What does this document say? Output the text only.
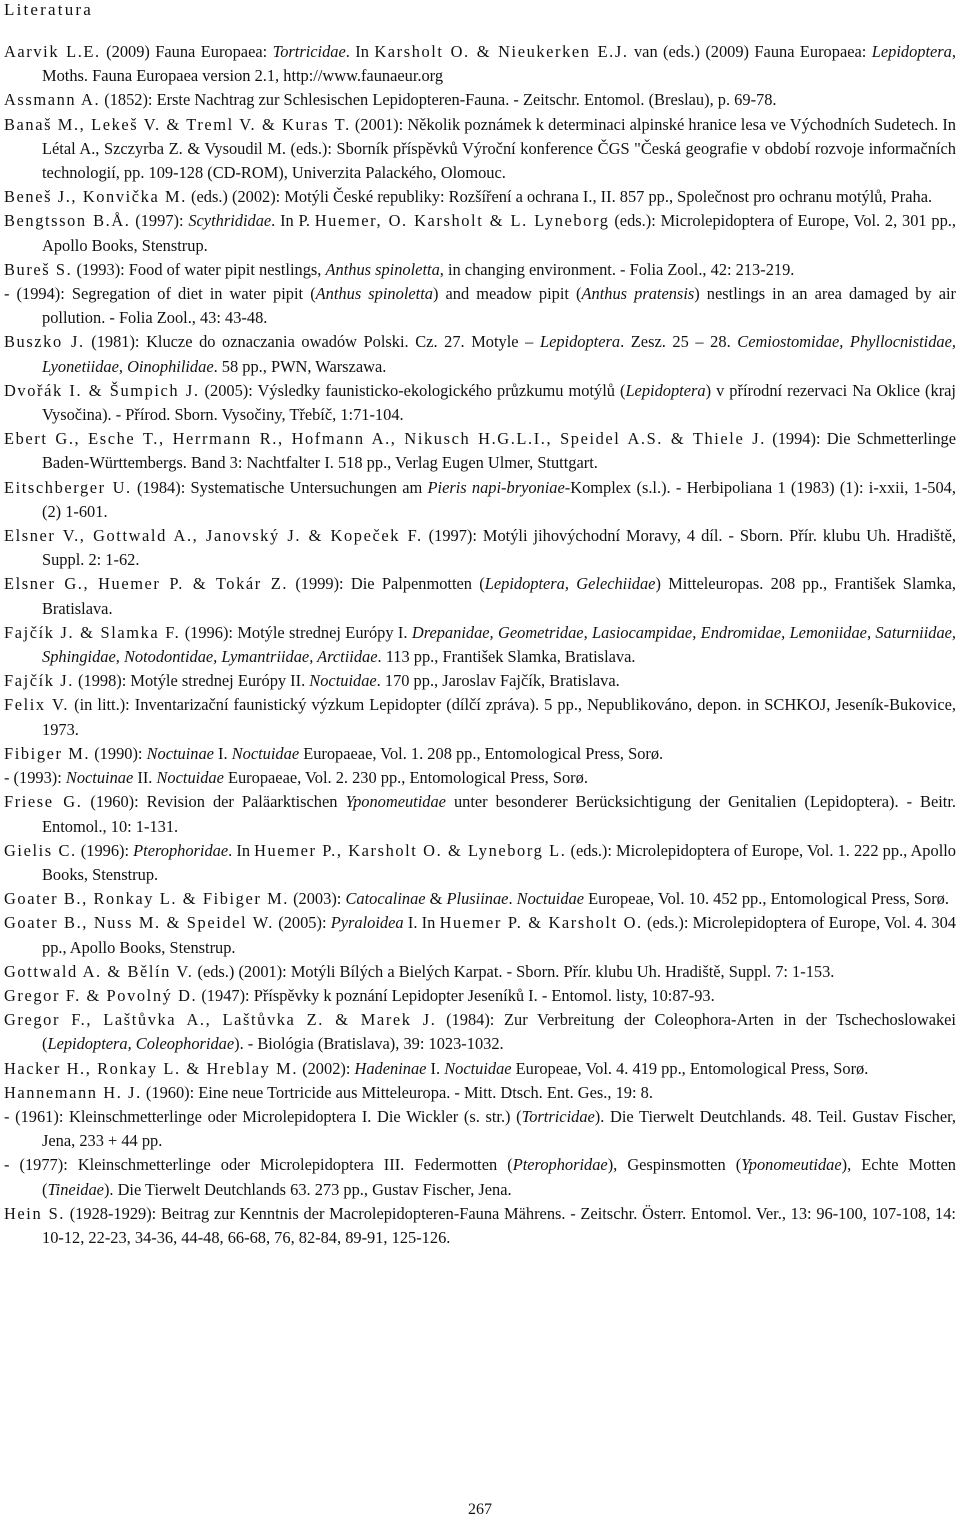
Literatura

Aarvik L.E. (2009) Fauna Europaea: Tortricidae. In Karsholt O. & Nieukerken E.J. van (eds.) (2009) Fauna Europaea: Lepidoptera, Moths. Fauna Europaea version 2.1, http://www.faunaeur.org

Assmann A. (1852): Erste Nachtrag zur Schlesischen Lepidopteren-Fauna. - Zeitschr. Entomol. (Breslau), p. 69-78.

Banaš M., Lekeš V. & Treml V. & Kuras T. (2001): Několik poznámek k determinaci alpinské hranice lesa ve Východních Sudetech. In Létal A., Szczyrba Z. & Vysoudil M. (eds.): Sborník příspěvků Výroční konference ČGS "Česká geografie v období rozvoje informačních technologií, pp. 109-128 (CD-ROM), Univerzita Palackého, Olomouc.

Beneš J., Konvička M. (eds.) (2002): Motýli České republiky: Rozšíření a ochrana I., II. 857 pp., Společnost pro ochranu motýlů, Praha.

Bengtsson B.Å. (1997): Scythrididae. In P. Huemer, O. Karsholt & L. Lyneborg (eds.): Microlepidoptera of Europe, Vol. 2, 301 pp., Apollo Books, Stenstrup.

Bureš S. (1993): Food of water pipit nestlings, Anthus spinoletta, in changing environment. - Folia Zool., 42: 213-219.

- (1994): Segregation of diet in water pipit (Anthus spinoletta) and meadow pipit (Anthus pratensis) nestlings in an area damaged by air pollution. - Folia Zool., 43: 43-48.

Buszko J. (1981): Klucze do oznaczania owadów Polski. Cz. 27. Motyle – Lepidoptera. Zesz. 25 – 28. Cemiostomidae, Phyllocnistidae, Lyonetiidae, Oinophilidae. 58 pp., PWN, Warszawa.

Dvořák I. & Šumpich J. (2005): Výsledky faunisticko-ekologického průzkumu motýlů (Lepidoptera) v přírodní rezervaci Na Oklice (kraj Vysočina). - Přírod. Sborn. Vysočiny, Třebíč, 1:71-104.

Ebert G., Esche T., Herrmann R., Hofmann A., Nikusch H.G.L.I., Speidel A.S. & Thiele J. (1994): Die Schmetterlinge Baden-Württembergs. Band 3: Nachtfalter I. 518 pp., Verlag Eugen Ulmer, Stuttgart.

Eitschberger U. (1984): Systematische Untersuchungen am Pieris napi-bryoniae-Komplex (s.l.). - Herbipoliana 1 (1983) (1): i-xxii, 1-504, (2) 1-601.

Elsner V., Gottwald A., Janovský J. & Kopeček F. (1997): Motýli jihovýchodní Moravy, 4 díl. - Sborn. Přír. klubu Uh. Hradiště, Suppl. 2: 1-62.

Elsner G., Huemer P. & Tokár Z. (1999): Die Palpenmotten (Lepidoptera, Gelechiidae) Mitteleuropas. 208 pp., František Slamka, Bratislava.

Fajčík J. & Slamka F. (1996): Motýle strednej Európy I. Drepanidae, Geometridae, Lasiocampidae, Endromidae, Lemoniidae, Saturniidae, Sphingidae, Notodontidae, Lymantriidae, Arctiidae. 113 pp., František Slamka, Bratislava.

Fajčík J. (1998): Motýle strednej Európy II. Noctuidae. 170 pp., Jaroslav Fajčík, Bratislava.

Felix V. (in litt.): Inventarizační faunistický výzkum Lepidopter (dílčí zpráva). 5 pp., Nepublikováno, depon. in SCHKOJ, Jeseník-Bukovice, 1973.

Fibiger M. (1990): Noctuinae I. Noctuidae Europaeae, Vol. 1. 208 pp., Entomological Press, Sorø.

- (1993): Noctuinae II. Noctuidae Europaeae, Vol. 2. 230 pp., Entomological Press, Sorø.

Friese G. (1960): Revision der Paläarktischen Yponomeutidae unter besonderer Berücksichtigung der Genitalien (Lepidoptera). - Beitr. Entomol., 10: 1-131.

Gielis C. (1996): Pterophoridae. In Huemer P., Karsholt O. & Lyneborg L. (eds.): Microlepidoptera of Europe, Vol. 1. 222 pp., Apollo Books, Stenstrup.

Goater B., Ronkay L. & Fibiger M. (2003): Catocalinae & Plusiinae. Noctuidae Europeae, Vol. 10. 452 pp., Entomological Press, Sorø.

Goater B., Nuss M. & Speidel W. (2005): Pyraloidea I. In Huemer P. & Karsholt O. (eds.): Microlepidoptera of Europe, Vol. 4. 304 pp., Apollo Books, Stenstrup.

Gottwald A. & Bělín V. (eds.) (2001): Motýli Bílých a Bielých Karpat. - Sborn. Přír. klubu Uh. Hradiště, Suppl. 7: 1-153.

Gregor F. & Povolný D. (1947): Příspěvky k poznání Lepidopter Jeseníků I. - Entomol. listy, 10:87-93.

Gregor F., Laštůvka A., Laštůvka Z. & Marek J. (1984): Zur Verbreitung der Coleophora-Arten in der Tschechoslowakei (Lepidoptera, Coleophoridae). - Biológia (Bratislava), 39: 1023-1032.

Hacker H., Ronkay L. & Hreblay M. (2002): Hadeninae I. Noctuidae Europeae, Vol. 4. 419 pp., Entomological Press, Sorø.

Hannemann H. J. (1960): Eine neue Tortricide aus Mitteleuropa. - Mitt. Dtsch. Ent. Ges., 19: 8.

- (1961): Kleinschmetterlinge oder Microlepidoptera I. Die Wickler (s. str.) (Tortricidae). Die Tierwelt Deutchlands. 48. Teil. Gustav Fischer, Jena, 233 + 44 pp.

- (1977): Kleinschmetterlinge oder Microlepidoptera III. Federmotten (Pterophoridae), Gespinsmotten (Yponomeutidae), Echte Motten (Tineidae). Die Tierwelt Deutchlands 63. 273 pp., Gustav Fischer, Jena.

Hein S. (1928-1929): Beitrag zur Kenntnis der Macrolepidopteren-Fauna Mährens. - Zeitschr. Österr. Entomol. Ver., 13: 96-100, 107-108, 14: 10-12, 22-23, 34-36, 44-48, 66-68, 76, 82-84, 89-91, 125-126.

267
